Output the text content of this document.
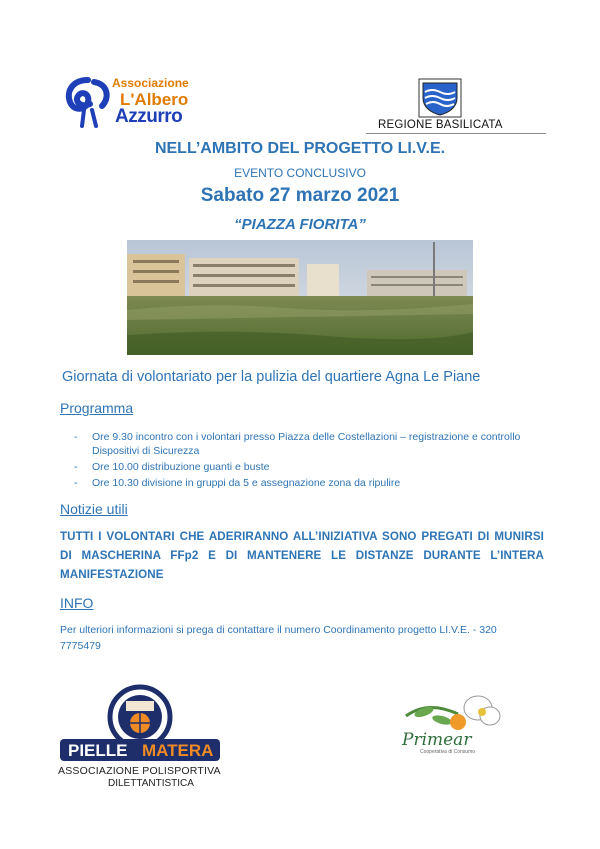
Associazione
L'Albero
Azzurro	REGIONE BASILICATA
NELL’AMBITO DEL PROGETTO LI.V.E.
EVENTO CONCLUSIVO
Sabato 27 marzo 2021
“PIAZZA FIORITA”
Giornata di volontariato per la pulizia del quartiere Agna Le Piane
Programma
- Ore 9.30 incontro con i volontari presso Piazza delle Costellazioni – registrazione e controllo Dispositivi di Sicurezza
- Ore 10.00 distribuzione guanti e buste
- Ore 10.30 divisione in gruppi da 5 e assegnazione zona da ripulire
Notizie utili
TUTTI I VOLONTARI CHE ADERIRANNO ALL’INIZIATIVA SONO PREGATI DI MUNIRSI DI MASCHERINA FFp2 E DI MANTENERE LE DISTANZE DURANTE L’INTERA MANIFESTAZIONE
INFO
Per ulteriori informazioni si prega di contattare il numero Coordinamento progetto LI.V.E. - 320 7775479
PIELLE MATERA
ASSOCIAZIONE POLISPORTIVA
DILETTANTISTICA
Primear
Cooperativa di Consumo
